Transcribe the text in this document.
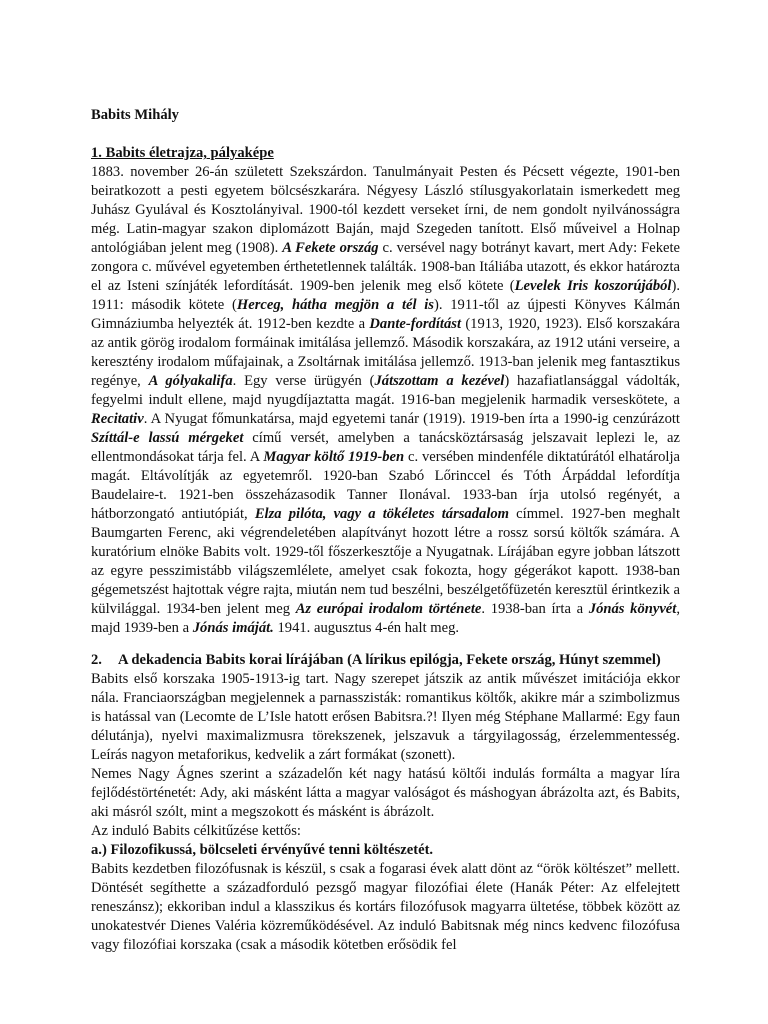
Babits Mihály

1. Babits életrajza, pályaképe

1883. november 26-án született Szekszárdon. Tanulmányait Pesten és Pécsett végezte, 1901-ben beiratkozott a pesti egyetem bölcsészkarára. Négyesy László stílusgyakorlatain ismerkedett meg Juhász Gyulával és Kosztolányival. 1900-tól kezdett verseket írni, de nem gondolt nyilvánosságra még. Latin-magyar szakon diplomázott Baján, majd Szegeden tanított. Első műveivel a Holnap antológiában jelent meg (1908). A Fekete ország c. versével nagy botrányt kavart, mert Ady: Fekete zongora c. művével egyetemben érthetetlennek találták. 1908-ban Itáliába utazott, és ekkor határozta el az Isteni színjáték lefordítását. 1909-ben jelenik meg első kötete (Levelek Iris koszorújából). 1911: második kötete (Herceg, hátha megjön a tél is). 1911-től az újpesti Könyves Kálmán Gimnáziumba helyezték át. 1912-ben kezdte a Dante-fordítást (1913, 1920, 1923). Első korszakára az antik görög irodalom formáinak imitálása jellemző. Második korszakára, az 1912 utáni verseire, a keresztény irodalom műfajainak, a Zsoltárnak imitálása jellemző. 1913-ban jelenik meg fantasztikus regénye, A gólyakalifa. Egy verse ürügyén (Játszottam a kezével) hazafiatlansággal vádolták, fegyelmi indult ellene, majd nyugdíjaztatta magát. 1916-ban megjelenik harmadik verseskötete, a Recitativ. A Nyugat főmunkatársa, majd egyetemi tanár (1919). 1919-ben írta a 1990-ig cenzúrázott Szíttál-e lassú mérgeket című versét, amelyben a tanácsköztársaság jelszavait leplezi le, az ellentmondásokat tárja fel. A Magyar költő 1919-ben c. versében mindenféle diktatúrától elhatárolja magát. Eltávolítják az egyetemről. 1920-ban Szabó Lőrinccel és Tóth Árpáddal lefordítja Baudelaire-t. 1921-ben összeházasodik Tanner Ilonával. 1933-ban írja utolsó regényét, a hátborzongató antiutópiát, Elza pilóta, vagy a tökéletes társadalom címmel. 1927-ben meghalt Baumgarten Ferenc, aki végrendeletében alapítványt hozott létre a rossz sorsú költők számára. A kuratórium elnöke Babits volt. 1929-től főszerkesztője a Nyugatnak. Lírájában egyre jobban látszott az egyre pesszimistább világszemlélete, amelyet csak fokozta, hogy gégerákot kapott. 1938-ban gégemetszést hajtottak végre rajta, miután nem tud beszélni, beszélgetőfüzetén keresztül érintkezik a külvilággal. 1934-ben jelent meg Az európai irodalom története. 1938-ban írta a Jónás könyvét, majd 1939-ben a Jónás imáját. 1941. augusztus 4-én halt meg.

2.	A dekadencia Babits korai lírájában (A lírikus epilógja, Fekete ország, Húnyt szemmel)

Babits első korszaka 1905-1913-ig tart. Nagy szerepet játszik az antik művészet imitációja ekkor nála. Franciaországban megjelennek a parnasszisták: romantikus költők, akikre már a szimbolizmus is hatással van (Lecomte de L’Isle hatott erősen Babitsra.?! Ilyen még Stéphane Mallarmé: Egy faun délutánja), nyelvi maximalizmusra törekszenek, jelszavuk a tárgyilagosság, érzelemmentesség. Leírás nagyon metaforikus, kedvelik a zárt formákat (szonett).

Nemes Nagy Ágnes szerint a századelőn két nagy hatású költői indulás formálta a magyar líra fejlődéstörténetét: Ady, aki másként látta a magyar valóságot és máshogyan ábrázolta azt, és Babits, aki másról szólt, mint a megszokott és másként is ábrázolt.

Az induló Babits célkitűzése kettős:

a.) Filozofikussá, bölcseleti érvényűvé tenni költészetét.

Babits kezdetben filozófusnak is készül, s csak a fogarasi évek alatt dönt az “örök költészet” mellett. Döntését segíthette a századforduló pezsgő magyar filozófiai élete (Hanák Péter: Az elfelejtett reneszánsz); ekkoriban indul a klasszikus és kortárs filozófusok magyarra ültetése, többek között az unokatestvér Dienes Valéria közreműködésével. Az induló Babitsnak még nincs kedvenc filozófusa vagy filozófiai korszaka (csak a második kötetben erősödik fel
